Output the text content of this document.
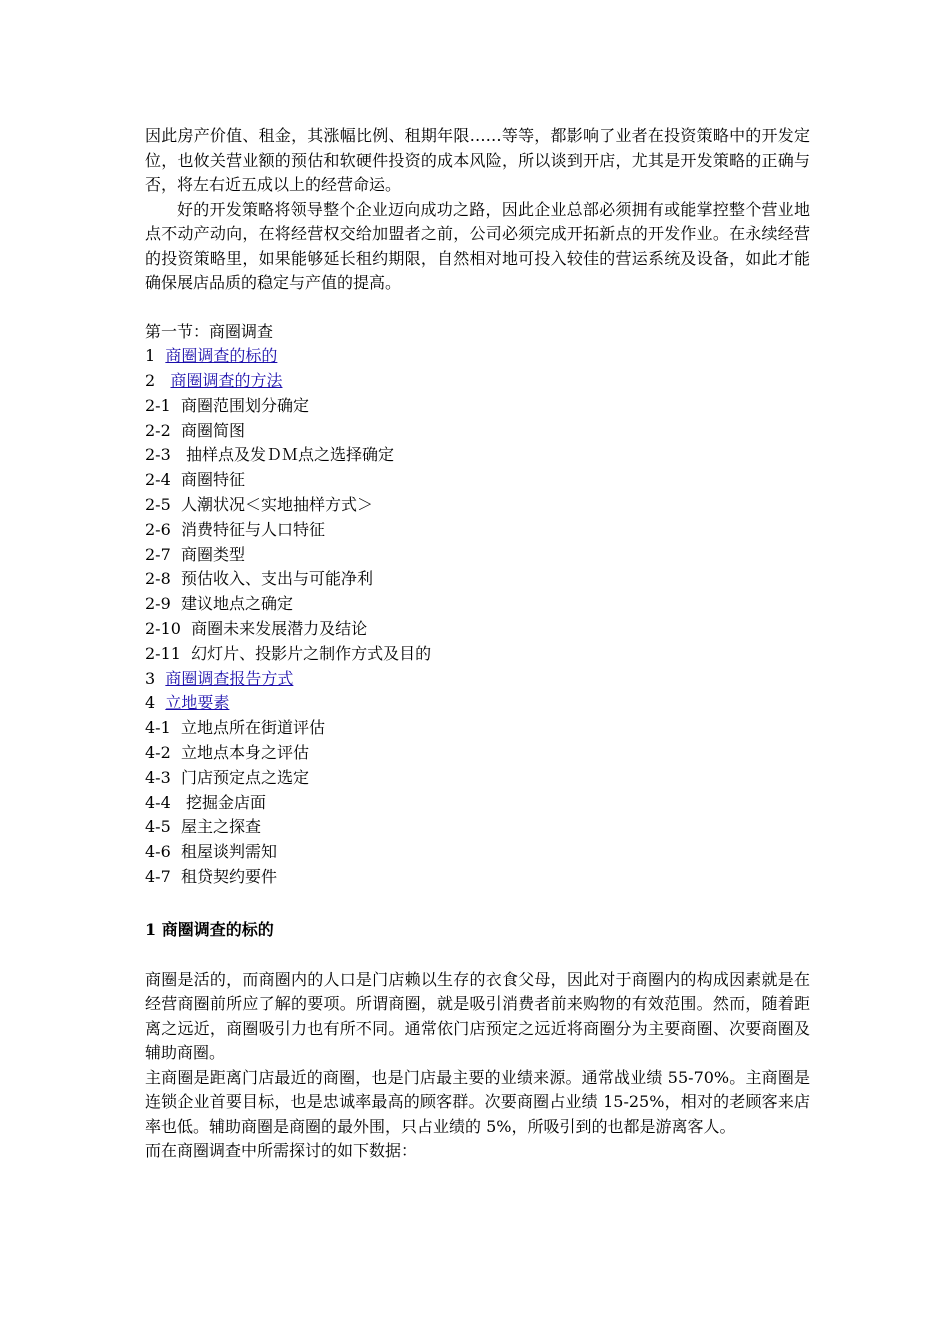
因此房产价值、租金，其涨幅比例、租期年限……等等，都影响了业者在投资策略中的开发定位，也攸关营业额的预估和软硬件投资的成本风险，所以谈到开店，尤其是开发策略的正确与否，将左右近五成以上的经营命运。

好的开发策略将领导整个企业迈向成功之路，因此企业总部必须拥有或能掌控整个营业地点不动产动向，在将经营权交给加盟者之前，公司必须完成开拓新点的开发作业。在永续经营的投资策略里，如果能够延长租约期限，自然相对地可投入较佳的营运系统及设备，如此才能确保展店品质的稳定与产值的提高。

第一节：商圈调查
1 商圈调查的标的
2 商圈调查的方法
2-1 商圈范围划分确定
2-2 商圈简图
2-3 抽样点及发ＤＭ点之选择确定
2-4 商圈特征
2-5 人潮状况＜实地抽样方式＞
2-6 消费特征与人口特征
2-7 商圈类型
2-8 预估收入、支出与可能净利
2-9 建议地点之确定
2-10 商圈未来发展潜力及结论
2-11 幻灯片、投影片之制作方式及目的
3 商圈调查报告方式
4 立地要素
4-1 立地点所在街道评估
4-2 立地点本身之评估
4-3 门店预定点之选定
4-4 挖掘金店面
4-5 屋主之探查
4-6 租屋谈判需知
4-7 租贷契约要件
1 商圈调查的标的

商圈是活的，而商圈内的人口是门店赖以生存的衣食父母，因此对于商圈内的构成因素就是在经营商圈前所应了解的要项。所谓商圈，就是吸引消费者前来购物的有效范围。然而，随着距离之远近，商圈吸引力也有所不同。通常依门店预定之远近将商圈分为主要商圈、次要商圈及辅助商圈。

主商圈是距离门店最近的商圈，也是门店最主要的业绩来源。通常战业绩 55-70%。主商圈是连锁企业首要目标，也是忠诚率最高的顾客群。次要商圈占业绩 15-25%，相对的老顾客来店率也低。辅助商圈是商圈的最外围，只占业绩的 5%，所吸引到的也都是游离客人。

而在商圈调查中所需探讨的如下数据：
